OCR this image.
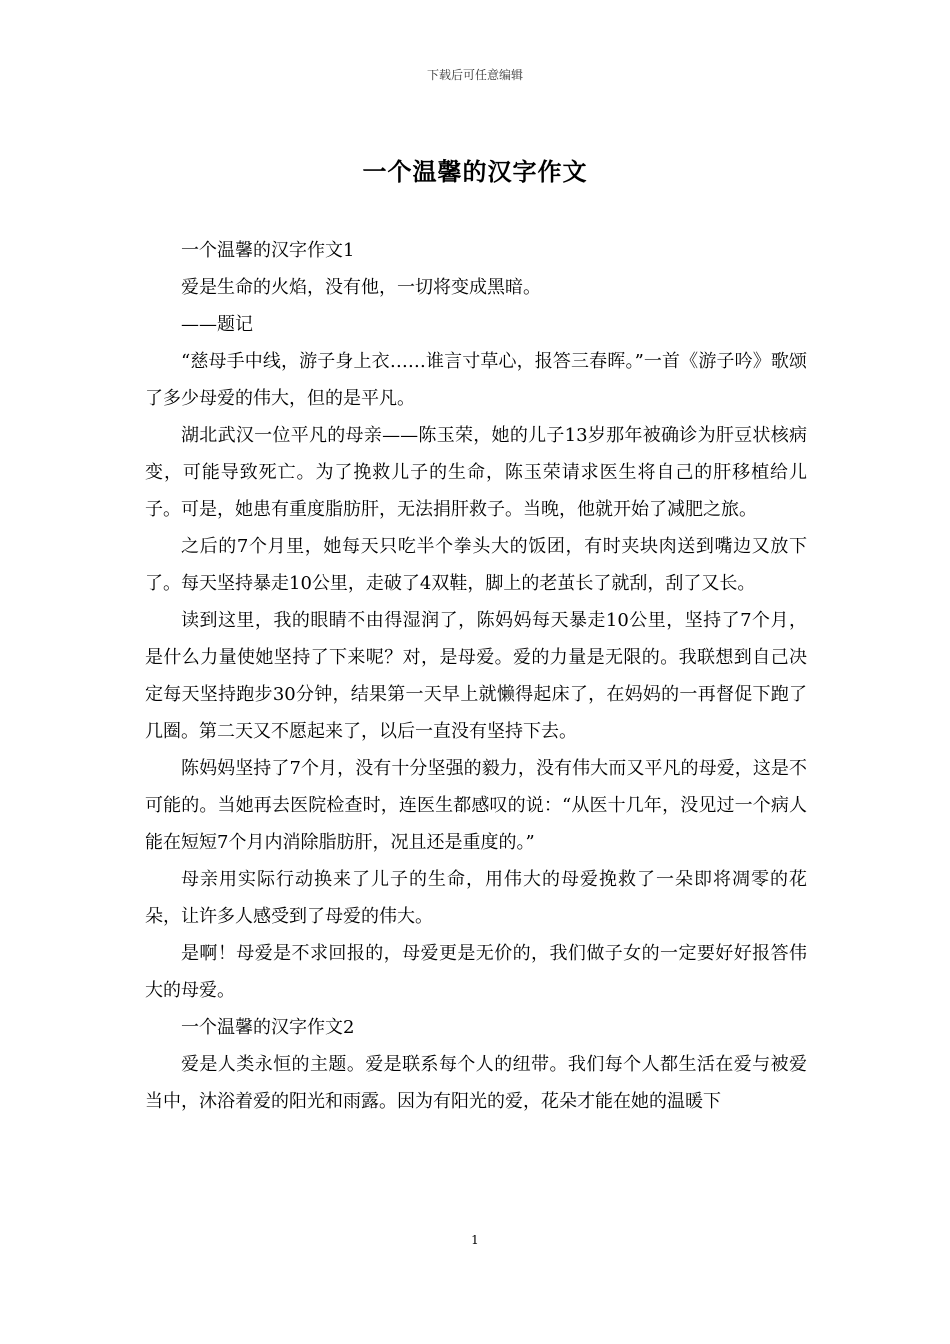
下载后可任意编辑
一个温馨的汉字作文

一个温馨的汉字作文1

爱是生命的火焰，没有他，一切将变成黑暗。

——题记

“慈母手中线，游子身上衣……谁言寸草心，报答三春晖。”一首《游子吟》歌颂了多少母爱的伟大，但的是平凡。

湖北武汉一位平凡的母亲——陈玉荣，她的儿子13岁那年被确诊为肝豆状核病变，可能导致死亡。为了挽救儿子的生命，陈玉荣请求医生将自己的肝移植给儿子。可是，她患有重度脂肪肝，无法捐肝救子。当晚，他就开始了减肥之旅。

之后的7个月里，她每天只吃半个拳头大的饭团，有时夹块肉送到嘴边又放下了。每天坚持暴走10公里，走破了4双鞋，脚上的老茧长了就刮，刮了又长。

读到这里，我的眼睛不由得湿润了，陈妈妈每天暴走10公里，坚持了7个月，是什么力量使她坚持了下来呢？对，是母爱。爱的力量是无限的。我联想到自己决定每天坚持跑步30分钟，结果第一天早上就懒得起床了，在妈妈的一再督促下跑了几圈。第二天又不愿起来了，以后一直没有坚持下去。

陈妈妈坚持了7个月，没有十分坚强的毅力，没有伟大而又平凡的母爱，这是不可能的。当她再去医院检查时，连医生都感叹的说：“从医十几年，没见过一个病人能在短短7个月内消除脂肪肝，况且还是重度的。”

母亲用实际行动换来了儿子的生命，用伟大的母爱挽救了一朵即将凋零的花朵，让许多人感受到了母爱的伟大。

是啊！母爱是不求回报的，母爱更是无价的，我们做子女的一定要好好报答伟大的母爱。

一个温馨的汉字作文2

爱是人类永恒的主题。爱是联系每个人的纽带。我们每个人都生活在爱与被爱当中，沐浴着爱的阳光和雨露。因为有阳光的爱，花朵才能在她的温暖下

1
